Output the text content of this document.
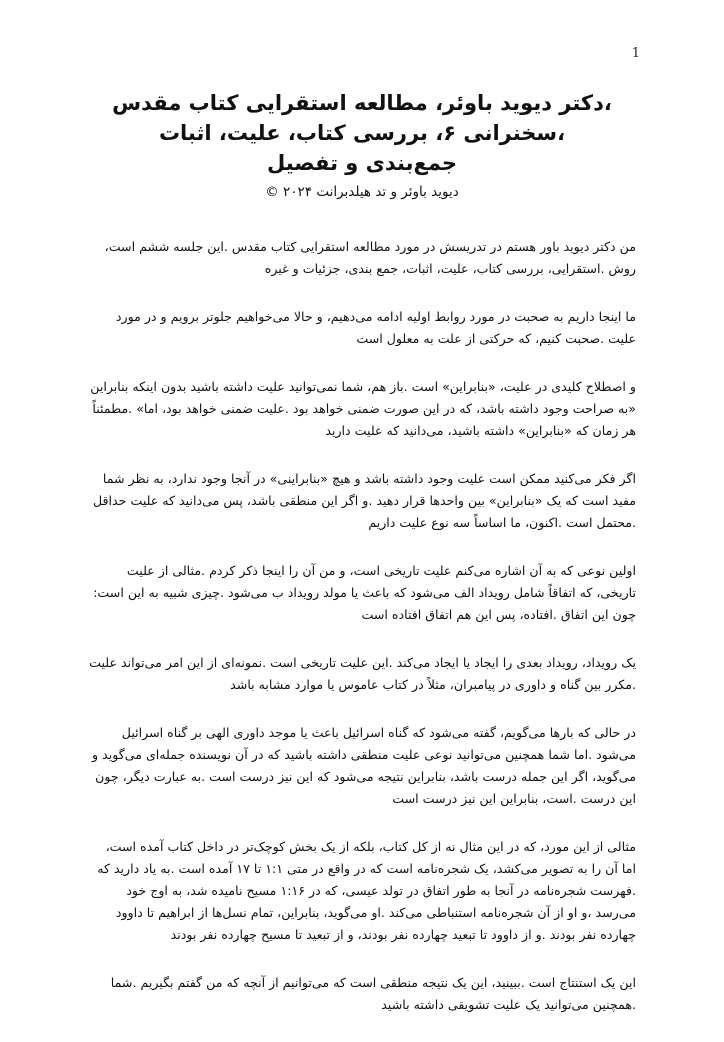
1

،دکتر دیوید باوئر، مطالعه استقرایی کتاب مقدس

،سخنرانی ۶، بررسی کتاب، علیت، اثبات

جمع‌بندی و تفصیل

دیوید باوئر و تد هیلدبرانت ۲۰۲۴ ©

من دکتر دیوید باور هستم در تدریسش در مورد مطالعه استقرایی کتاب مقدس .این جلسه ششم است، روش .استقرایی، بررسی کتاب، علیت، اثبات، جمع بندی، جزئیات و غیره

ما اینجا داریم به صحبت در مورد روابط اولیه ادامه می‌دهیم، و حالا می‌خواهیم جلوتر برویم و در مورد علیت .صحبت کنیم، که حرکتی از علت به معلول است

و اصطلاح کلیدی در علیت، «بنابراین» است .باز هم، شما نمی‌توانید علیت داشته باشید بدون اینکه بنابراین «به صراحت وجود داشته باشد، که در این صورت ضمنی خواهد بود .علیت ضمنی خواهد بود، اما» .مطمئناً هر زمان که «بنابراین» داشته باشید، می‌دانید که علیت دارید

اگر فکر می‌کنید ممکن است علیت وجود داشته باشد و هیچ «بنابراینی» در آنجا وجود ندارد، به نظر شما مفید است که یک «بنابراین» بین واحدها قرار دهید .و اگر این منطقی باشد، پس می‌دانید که علیت حداقل .محتمل است .اکنون، ما اساساً سه نوع علیت داریم

اولین نوعی که به آن اشاره می‌کنم علیت تاریخی است، و من آن را اینجا ذکر کردم .مثالی از علیت تاریخی، که اتفاقاً شامل رویداد الف می‌شود که باعث یا مولد رویداد ب می‌شود .چیزی شبیه به این است: چون این اتفاق .افتاده، پس این هم اتفاق افتاده است

یک رویداد، رویداد بعدی را ایجاد یا ایجاد می‌کند .این علیت تاریخی است .نمونه‌ای از این امر می‌تواند علیت .مکرر بین گناه و داوری در پیامبران، مثلاً در کتاب عاموس یا موارد مشابه باشد

در حالی که بارها می‌گویم، گفته می‌شود که گناه اسرائیل باعث یا موجد داوری الهی بر گناه اسرائیل می‌شود .اما شما همچنین می‌توانید نوعی علیت منطقی داشته باشید که در آن نویسنده جمله‌ای می‌گوید و می‌گوید، اگر این جمله درست باشد، بنابراین نتیجه می‌شود که این نیز درست است .به عبارت دیگر، چون این درست .است، بنابراین این نیز درست است

مثالی از این مورد، که در این مثال نه از کل کتاب، بلکه از یک بخش کوچک‌تر در داخل کتاب آمده است، اما آن را به تصویر می‌کشد، یک شجره‌نامه است که در واقع در متی ۱:۱ تا ۱۷ آمده است .به یاد دارید که .فهرست شجره‌نامه در آنجا به طور اتفاق در تولد عیسی، که در ۱:۱۶ مسیح نامیده شد، به اوج خود می‌رسد ،و او از آن شجره‌نامه استنباطی می‌کند .او می‌گوید، بنابراین، تمام نسل‌ها از ابراهیم تا داوود چهارده نفر بودند .و از داوود تا تبعید چهارده نفر بودند، و از تبعید تا مسیح چهارده نفر بودند

این یک استنتاج است .ببینید، این یک نتیجه منطقی است که می‌توانیم از آنچه که من گفتم بگیریم .شما .همچنین می‌توانید یک علیت تشویقی داشته باشید
